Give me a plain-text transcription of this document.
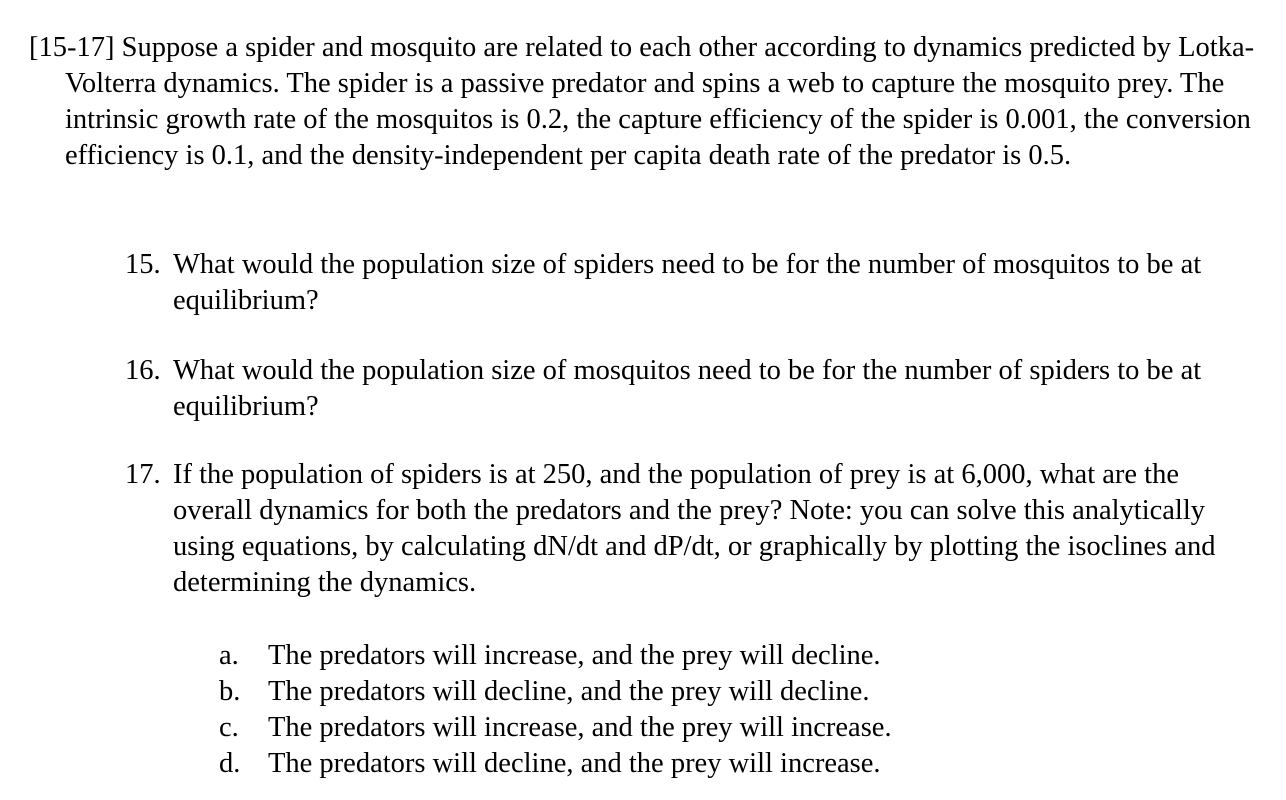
[15-17] Suppose a spider and mosquito are related to each other according to dynamics predicted by Lotka-Volterra dynamics. The spider is a passive predator and spins a web to capture the mosquito prey. The intrinsic growth rate of the mosquitos is 0.2, the capture efficiency of the spider is 0.001, the conversion efficiency is 0.1, and the density-independent per capita death rate of the predator is 0.5.

15. What would the population size of spiders need to be for the number of mosquitos to be at equilibrium?
16. What would the population size of mosquitos need to be for the number of spiders to be at equilibrium?
17. If the population of spiders is at 250, and the population of prey is at 6,000, what are the overall dynamics for both the predators and the prey? Note: you can solve this analytically using equations, by calculating dN/dt and dP/dt, or graphically by plotting the isoclines and determining the dynamics.
a.	The predators will increase, and the prey will decline.
b. The predators will decline, and the prey will decline.
c.	The predators will increase, and the prey will increase.
d. The predators will decline, and the prey will increase.
